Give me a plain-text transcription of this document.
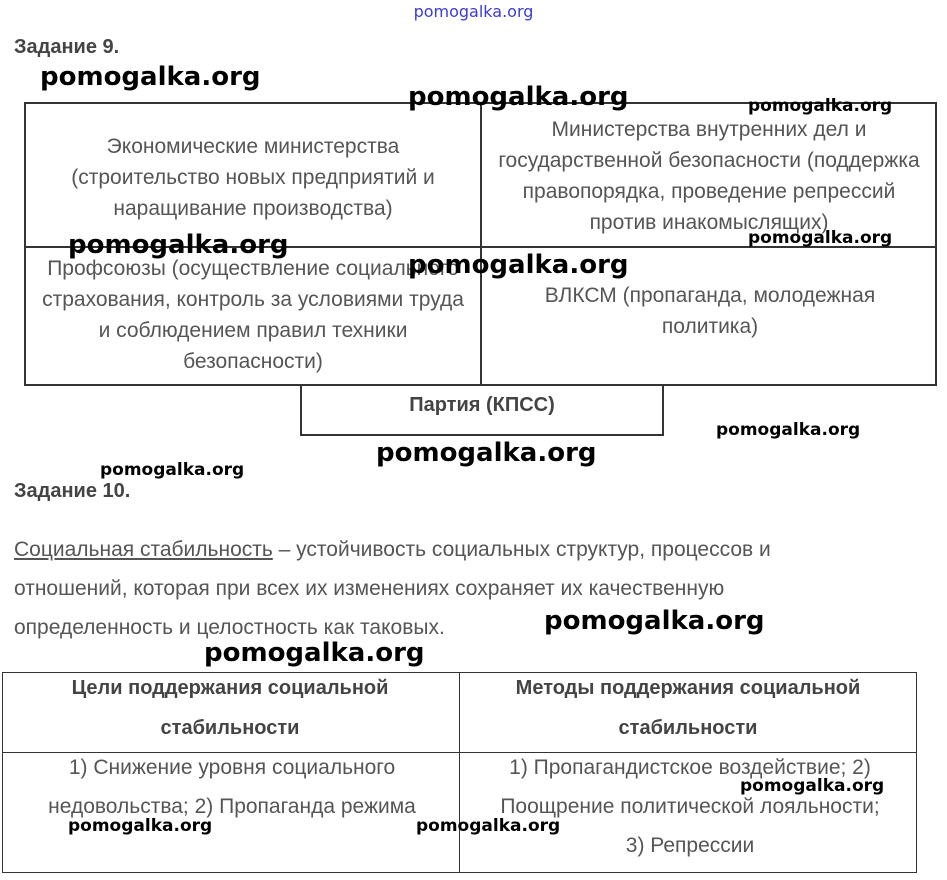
pomogalka.org
Задание 9.
Экономические министерства (строительство новых предприятий и наращивание производства)
Министерства внутренних дел и государственной безопасности (поддержка правопорядка, проведение репрессий против инакомыслящих)
Профсоюзы (осуществление социального страхования, контроль за условиями труда и соблюдением правил техники безопасности)
ВЛКСМ (пропаганда, молодежная политика)
Партия (КПСС)
Задание 10.
Социальная стабильность – устойчивость социальных структур, процессов и отношений, которая при всех их изменениях сохраняет их качественную определенность и целостность как таковых.
Цели поддержания социальной стабильности
Методы поддержания социальной стабильности
1) Снижение уровня социального недовольства; 2) Пропаганда режима
1) Пропагандистское воздействие; 2) Поощрение политической лояльности; 3) Репрессии
pomogalka.org
pomogalka.org	pomogalka.org
pomogalka.org
pomogalka.org
pomogalka.org
pomogalka.org
pomogalka.org
pomogalka.org
pomogalka.org
pomogalka.org
pomogalka.org
pomogalka.org	pomogalka.org
